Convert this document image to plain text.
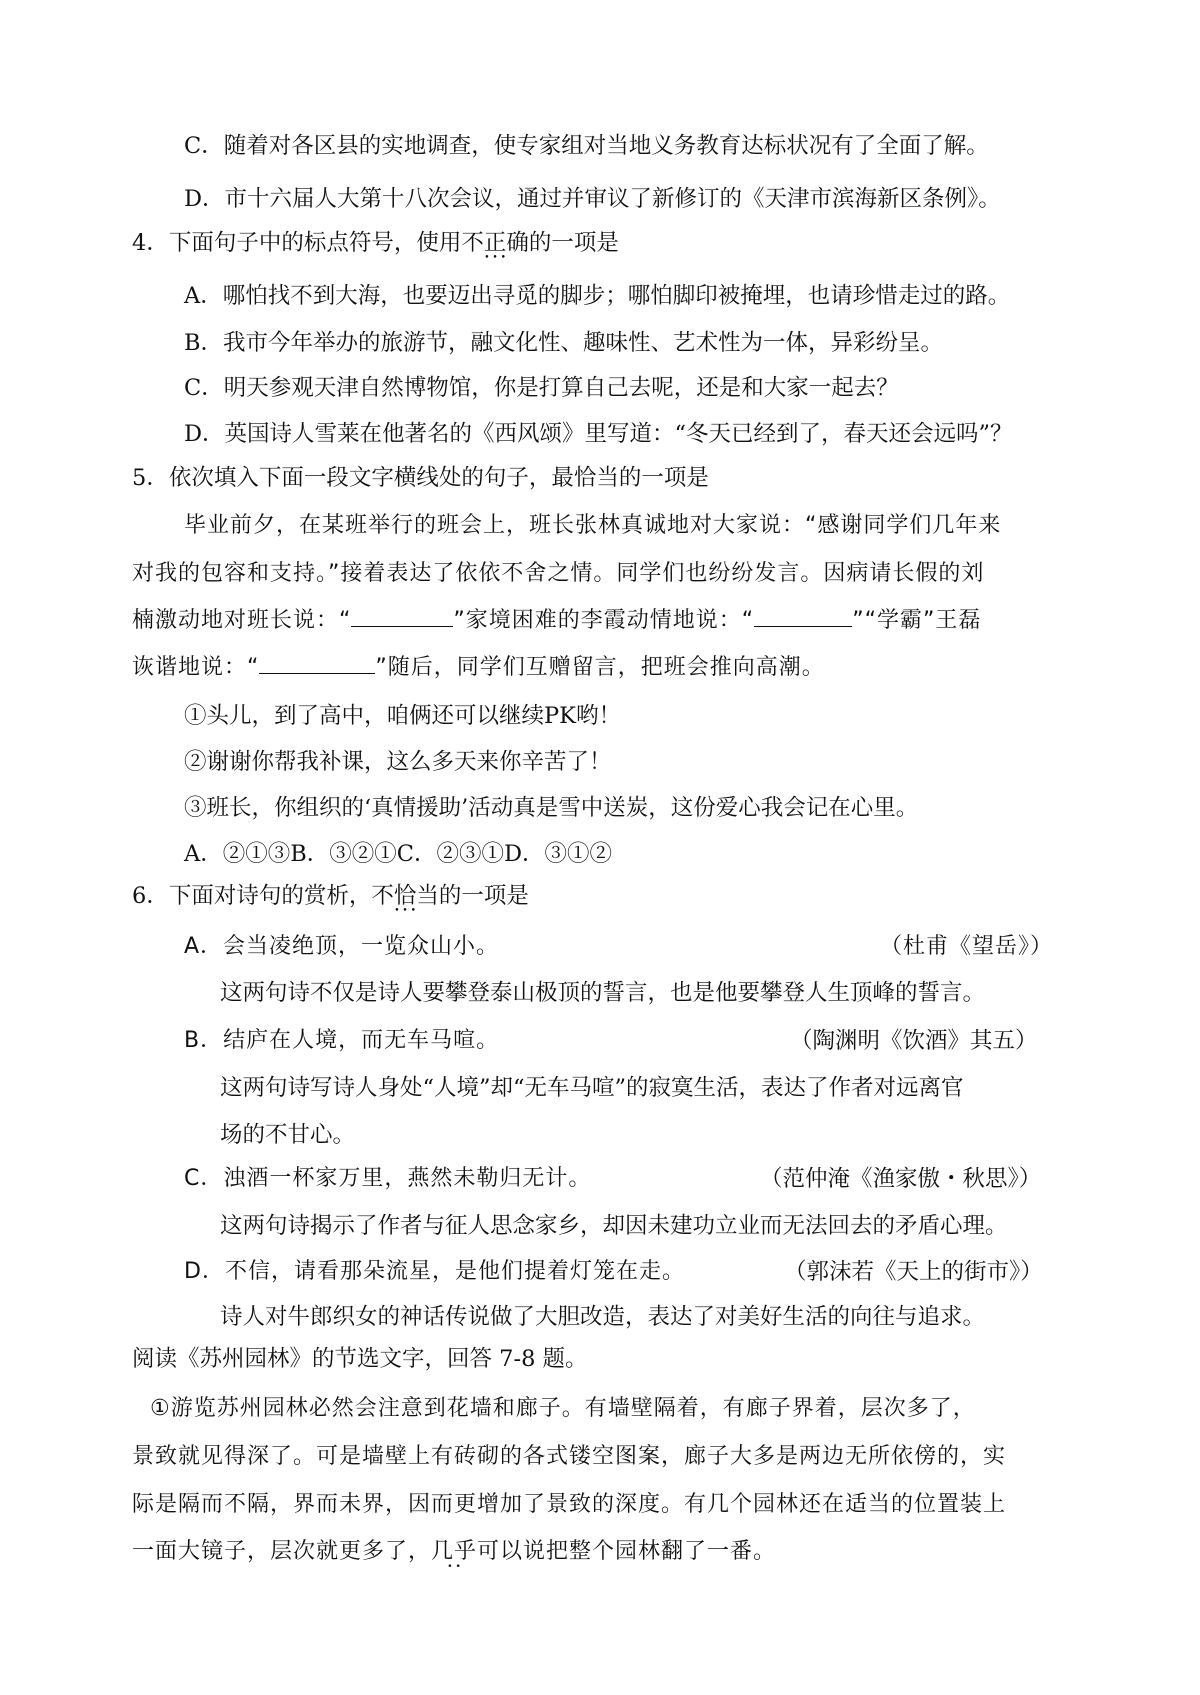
C．随着对各区县的实地调查，使专家组对当地义务教育达标状况有了全面了解。
D．市十六届人大第十八次会议，通过并审议了新修订的《天津市滨海新区条例》。
4．下面句子中的标点符号，使用不正确 • • •的一项是
A．哪怕找不到大海，也要迈出寻觅的脚步；哪怕脚印被掩埋，也请珍惜走过的路。
B．我市今年举办的旅游节，融文化性、趣味性、艺术性为一体，异彩纷呈。
C．明天参观天津自然博物馆，你是打算自己去呢，还是和大家一起去？
D．英国诗人雪莱在他著名的《西风颂》里写道：“冬天已经到了，春天还会远吗”？
5．依次填入下面一段文字横线处的句子，最恰当的一项是
毕业前夕，在某班举行的班会上，班长张林真诚地对大家说：“感谢同学们几年来
对我的包容和支持。”接着表达了依依不舍之情。同学们也纷纷发言。因病请长假的刘
楠激动地对班长说：“	”家境困难的李霞动情地说：“	”“学霸”王磊
诙谐地说：“	”随后，同学们互赠留言，把班会推向高潮。
①头儿，到了高中，咱俩还可以继续PK哟！
②谢谢你帮我补课，这么多天来你辛苦了！
③班长，你组织的‘真情援助’活动真是雪中送炭，这份爱心我会记在心里。
A．②①③B．③②①C．②③①D．③①②
6．下面对诗句的赏析，不恰当 • • •的一项是
A．会当凌绝顶，一览众山小。	（杜甫《望岳》）
这两句诗不仅是诗人要攀登泰山极顶的誓言，也是他要攀登人生顶峰的誓言。
B．结庐在人境，而无车马喧。	（陶渊明《饮酒》其五）
这两句诗写诗人身处“人境”却“无车马喧”的寂寞生活，表达了作者对远离官
场的不甘心。
C．浊酒一杯家万里，燕然未勒归无计。	（范仲淹《渔家傲・秋思》）
这两句诗揭示了作者与征人思念家乡，却因未建功立业而无法回去的矛盾心理。
D．不信，请看那朵流星，是他们提着灯笼在走。	（郭沫若《天上的街市》）
诗人对牛郎织女的神话传说做了大胆改造，表达了对美好生活的向往与追求。
阅读《苏州园林》的节选文字，回答 7-8 题。
①游览苏州园林必然会注意到花墙和廊子。有墙壁隔着，有廊子界着，层次多了，
景致就见得深了。可是墙壁上有砖砌的各式镂空图案，廊子大多是两边无所依傍的，实
际是隔而不隔，界而未界，因而更增加了景致的深度。有几个园林还在适当的位置装上
一面大镜子，层次就更多了，几乎 • •可以说把整个园林翻了一番。
